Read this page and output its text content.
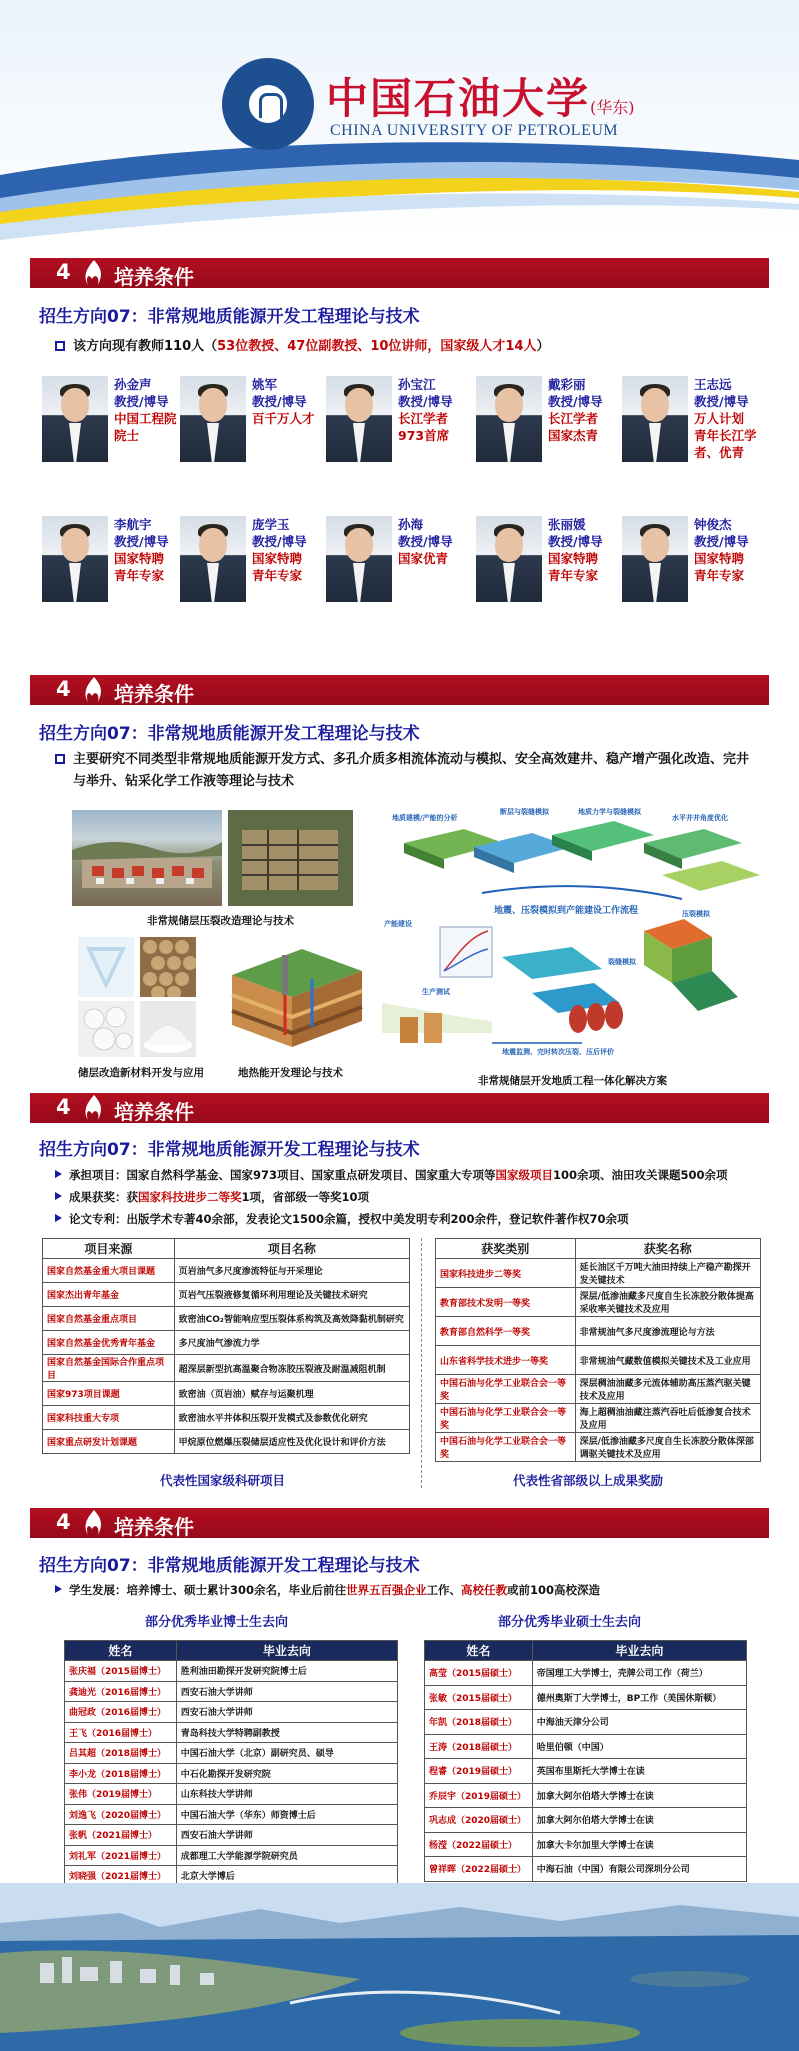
中国石油大学(华东)
CHINA UNIVERSITY OF PETROLEUM
4 培养条件
招生方向07：非常规地质能源开发工程理论与技术
该方向现有教师110人（53位教授、47位副教授、10位讲师，国家级人才14人）
孙金声
教授/博导
中国工程院院士
姚军
教授/博导
百千万人才
孙宝江
教授/博导
长江学者 973首席
戴彩丽
教授/博导
长江学者 国家杰青
王志远
教授/博导
万人计划 青年长江学者、优青
李航宇
教授/博导
国家特聘 青年专家
庞学玉
教授/博导
国家特聘 青年专家
孙海
教授/博导
国家优青
张丽媛
教授/博导
国家特聘 青年专家
钟俊杰
教授/博导
国家特聘 青年专家
4 培养条件
招生方向07：非常规地质能源开发工程理论与技术
主要研究不同类型非常规地质能源开发方式、多孔介质多相流体流动与模拟、安全高效建井、稳产增产强化改造、完井与举升、钻采化学工作液等理论与技术
非常规储层压裂改造理论与技术
储层改造新材料开发与应用	地热能开发理论与技术
地质建模/产能的分析
断层与裂缝模拟	地质力学与裂缝模拟
水平井井角度优化
地震、压裂模拟到产能建设工作流程
产能建设
压裂模拟
裂缝模拟
生产测试
地震监测、完时转次压裂、压后评价
非常规储层开发地质工程一体化解决方案
4 培养条件
招生方向07：非常规地质能源开发工程理论与技术
承担项目：国家自然科学基金、国家973项目、国家重点研发项目、国家重大专项等国家级项目100余项、油田攻关课题500余项
成果获奖：获国家科技进步二等奖1项，省部级一等奖10项
论文专利：出版学术专著40余部，发表论文1500余篇，授权中美发明专利200余件，登记软件著作权70余项
项目来源	项目名称
国家自然基金重大项目课题	页岩油气多尺度渗流特征与开采理论
国家杰出青年基金	页岩气压裂液修复循环利用理论及关键技术研究
国家自然基金重点项目	致密油CO₂智能响应型压裂体系构筑及高效降黏机制研究
国家自然基金优秀青年基金	多尺度油气渗流力学
国家自然基金国际合作重点项目	超深层新型抗高温聚合物冻胶压裂液及耐温减阻机制
国家973项目课题	致密油（页岩油）赋存与运聚机理
国家科技重大专项	致密油水平井体积压裂开发模式及参数优化研究
国家重点研发计划课题	甲烷原位燃爆压裂储层适应性及优化设计和评价方法
获奖类别	获奖名称
国家科技进步二等奖	延长油区千万吨大油田持续上产稳产勘探开发关键技术
教育部技术发明一等奖	深层/低渗油藏多尺度自生长冻胶分散体提高采收率关键技术及应用
教育部自然科学一等奖	非常规油气多尺度渗流理论与方法
山东省科学技术进步一等奖	非常规油气藏数值模拟关键技术及工业应用
中国石油与化学工业联合会一等奖	深层稠油油藏多元流体辅助高压蒸汽驱关键技术及应用
中国石油与化学工业联合会一等奖	海上超稠油油藏注蒸汽吞吐后低渗复合技术及应用
中国石油与化学工业联合会一等奖	深层/低渗油藏多尺度自生长冻胶分散体深部调驱关键技术及应用
代表性国家级科研项目	代表性省部级以上成果奖励
4 培养条件
招生方向07：非常规地质能源开发工程理论与技术
学生发展：培养博士、硕士累计300余名，毕业后前往世界五百强企业工作、高校任教或前100高校深造
部分优秀毕业博士生去向	部分优秀毕业硕士生去向
姓名	毕业去向
张庆福（2015届博士）	胜利油田勘探开发研究院博士后
龚迪光（2016届博士）	西安石油大学讲师
曲冠政（2016届博士）	西安石油大学讲师
王飞（2016届博士）	青岛科技大学特聘副教授
吕其超（2018届博士）	中国石油大学（北京）副研究员、硕导
李小龙（2018届博士）	中石化勘探开发研究院
张伟（2019届博士）	山东科技大学讲师
刘逸飞（2020届博士）	中国石油大学（华东）师资博士后
张帆（2021届博士）	西安石油大学讲师
刘礼军（2021届博士）	成都理工大学能源学院研究员
刘晓强（2021届博士）	北京大学博后
姓名	毕业去向
高莹（2015届硕士）	帝国理工大学博士，壳牌公司工作（荷兰）
张敏（2015届硕士）	德州奥斯丁大学博士，BP工作（美国休斯顿）
年凯（2018届硕士）	中海油天津分公司
王涛（2018届硕士）	哈里伯顿（中国）
程睿（2019届硕士）	英国布里斯托大学博士在读
乔辰宇（2019届硕士）	加拿大阿尔伯塔大学博士在读
巩志成（2020届硕士）	加拿大阿尔伯塔大学博士在读
杨滢（2022届硕士）	加拿大卡尔加里大学博士在读
曾祥晖（2022届硕士）	中海石油（中国）有限公司深圳分公司
